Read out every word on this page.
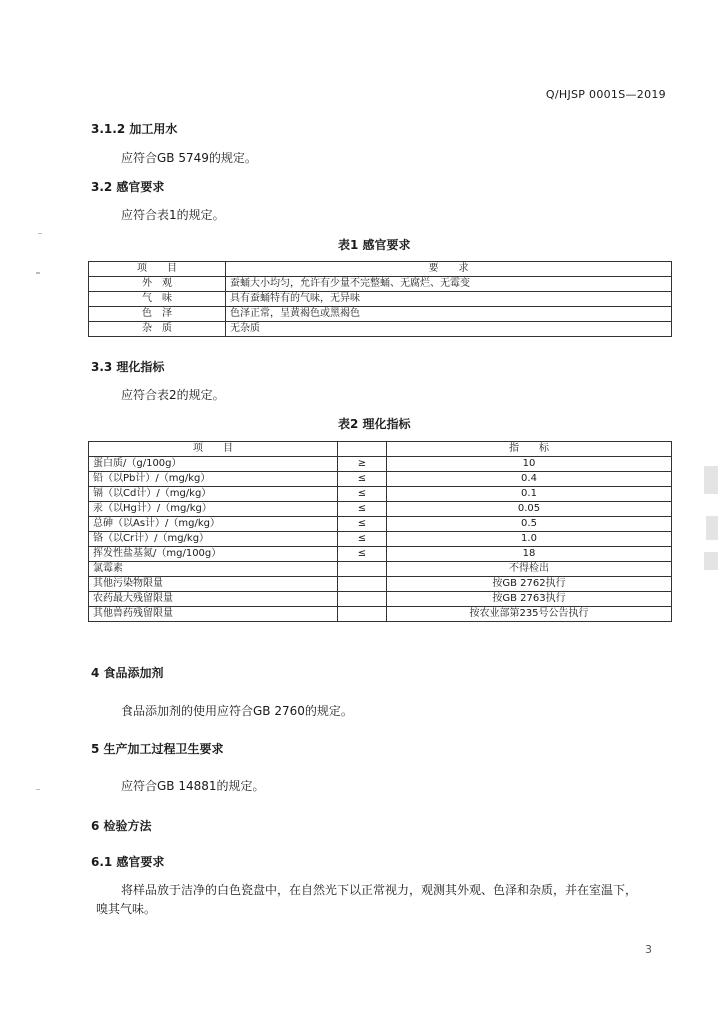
Q/HJSP 0001S—2019
3.1.2 加工用水
应符合GB 5749的规定。
3.2 感官要求
应符合表1的规定。
表1 感官要求
项　　目	要　　求
外　观	蚕蛹大小均匀，允许有少量不完整蛹、无腐烂、无霉变
气　味	具有蚕蛹特有的气味，无异味
色　泽	色泽正常，呈黄褐色或黑褐色
杂　质	无杂质
3.3 理化指标
应符合表2的规定。
表2 理化指标
项　　目		指　　标
蛋白质/（g/100g）	≥	10
铅（以Pb计）/（mg/kg）	≤	0.4
镉（以Cd计）/（mg/kg）	≤	0.1
汞（以Hg计）/（mg/kg）	≤	0.05
总砷（以As计）/（mg/kg）	≤	0.5
铬（以Cr计）/（mg/kg）	≤	1.0
挥发性盐基氮/（mg/100g）	≤	18
氯霉素		不得检出
其他污染物限量		按GB 2762执行
农药最大残留限量		按GB 2763执行
其他兽药残留限量		按农业部第235号公告执行
4 食品添加剂
食品添加剂的使用应符合GB 2760的规定。
5 生产加工过程卫生要求
应符合GB 14881的规定。
6 检验方法
6.1 感官要求
将样品放于洁净的白色瓷盘中，在自然光下以正常视力，观测其外观、色泽和杂质，并在室温下，
嗅其气味。
3
